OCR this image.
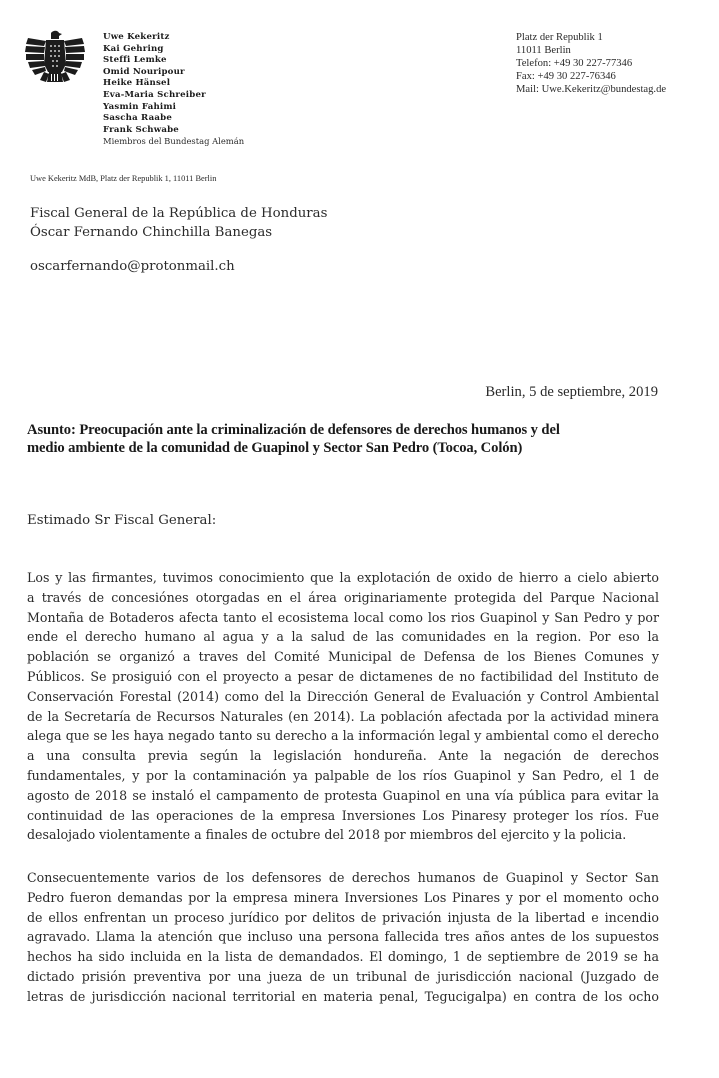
Uwe Kekeritz
Kai Gehring
Steffi Lemke
Omid Nouripour
Heike Hänsel
Eva-Maria Schreiber
Yasmin Fahimi
Sascha Raabe
Frank Schwabe
Miembros del Bundestag Alemán
Platz der Republik 1
11011 Berlin
Telefon: +49 30 227-77346
Fax: +49 30 227-76346
Mail: Uwe.Kekeritz@bundestag.de
Uwe Kekeritz MdB, Platz der Republik 1, 11011 Berlin
Fiscal General de la República de Honduras
Óscar Fernando Chinchilla Banegas
oscarfernando@protonmail.ch
Berlin, 5 de septiembre, 2019
Asunto: Preocupación ante la criminalización de defensores de derechos humanos y del
medio ambiente de la comunidad de Guapinol y Sector San Pedro (Tocoa, Colón)
Estimado Sr Fiscal General:
Los y las firmantes, tuvimos conocimiento que la explotación de oxido de hierro a cielo abierto
a través de concesiónes otorgadas en el área originariamente protegida del Parque Nacional
Montaña de Botaderos afecta tanto el ecosistema local como los rios Guapinol y San Pedro y por
ende el derecho humano al agua y a la salud de las comunidades en la region. Por eso la
población se organizó a traves del Comité Municipal de Defensa de los Bienes Comunes y
Públicos. Se prosiguió con el proyecto a pesar de dictamenes de no factibilidad del Instituto de
Conservación Forestal (2014) como del la Dirección General de Evaluación y Control Ambiental
de la Secretaría de Recursos Naturales (en 2014). La población afectada por la actividad minera
alega que se les haya negado tanto su derecho a la información legal y ambiental como el derecho
a una consulta previa según la legislación hondureña. Ante la negación de derechos
fundamentales, y por la contaminación ya palpable de los ríos Guapinol y San Pedro, el 1 de
agosto de 2018 se instaló el campamento de protesta Guapinol en una vía pública para evitar la
continuidad de las operaciones de la empresa Inversiones Los Pinaresy proteger los ríos. Fue
desalojado violentamente a finales de octubre del 2018 por miembros del ejercito y la policia.
Consecuentemente varios de los defensores de derechos humanos de Guapinol y Sector San
Pedro fueron demandas por la empresa minera Inversiones Los Pinares y por el momento ocho
de ellos enfrentan un proceso jurídico por delitos de privación injusta de la libertad e incendio
agravado. Llama la atención que incluso una persona fallecida tres años antes de los supuestos
hechos ha sido incluida en la lista de demandados. El domingo, 1 de septiembre de 2019 se ha
dictado prisión preventiva por una jueza de un tribunal de jurisdicción nacional (Juzgado de
letras de jurisdicción nacional territorial en materia penal, Tegucigalpa) en contra de los ocho
